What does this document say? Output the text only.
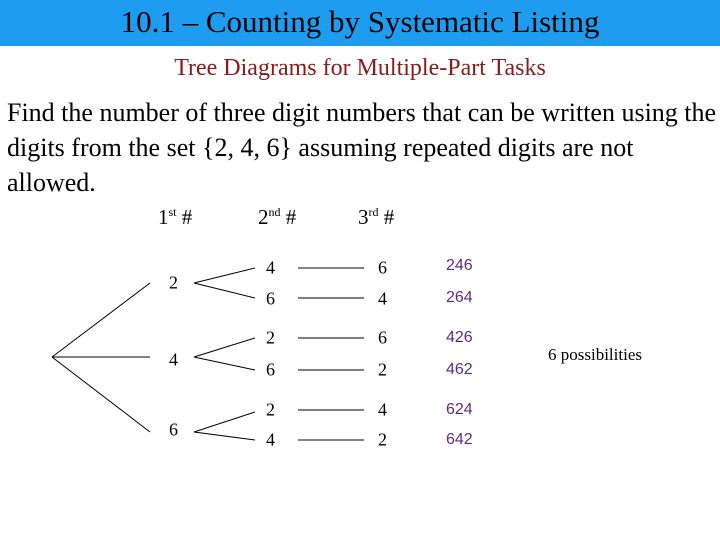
10.1 – Counting by Systematic Listing
Tree Diagrams for Multiple-Part Tasks
Find the number of three digit numbers that can be written using the digits from the set {2, 4, 6} assuming repeated digits are not allowed.
1st #	2nd #	3rd #
2
4
6
4
6
2
6
2
4
6
4
6
2
4
2
246
264
426
462
624
642
6 possibilities
